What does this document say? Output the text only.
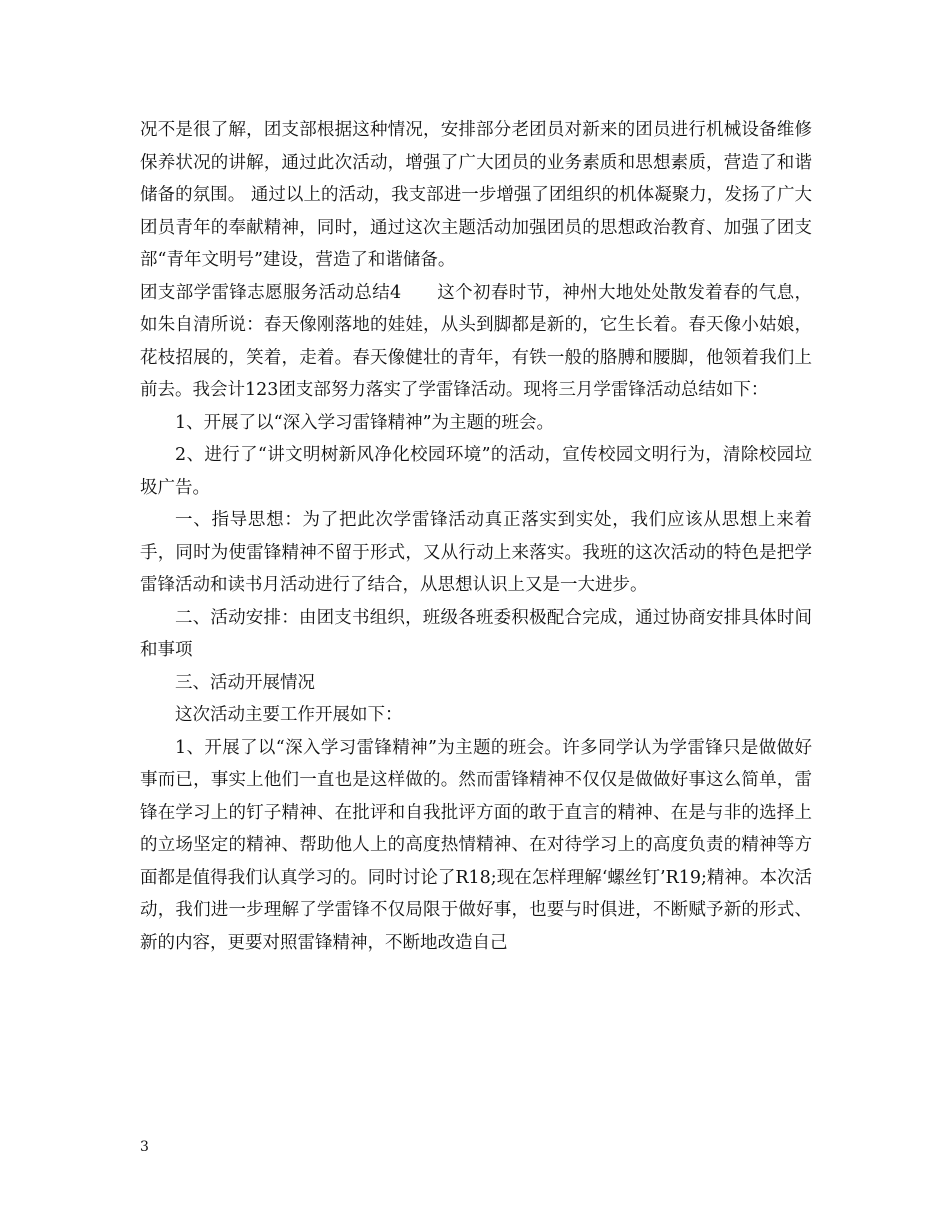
况不是很了解，团支部根据这种情况，安排部分老团员对新来的团员进行机械设备维修保养状况的讲解，通过此次活动，增强了广大团员的业务素质和思想素质，营造了和谐储备的氛围。 通过以上的活动，我支部进一步增强了团组织的机体凝聚力，发扬了广大团员青年的奉献精神，同时，通过这次主题活动加强团员的思想政治教育、加强了团支部“青年文明号”建设，营造了和谐储备。

团支部学雷锋志愿服务活动总结4　　这个初春时节，神州大地处处散发着春的气息，如朱自清所说：春天像刚落地的娃娃，从头到脚都是新的，它生长着。春天像小姑娘，花枝招展的，笑着，走着。春天像健壮的青年，有铁一般的胳膊和腰脚，他领着我们上前去。我会计123团支部努力落实了学雷锋活动。现将三月学雷锋活动总结如下：

1、开展了以“深入学习雷锋精神”为主题的班会。

2、进行了“讲文明树新风净化校园环境”的活动，宣传校园文明行为，清除校园垃圾广告。

一、指导思想：为了把此次学雷锋活动真正落实到实处，我们应该从思想上来着手，同时为使雷锋精神不留于形式，又从行动上来落实。我班的这次活动的特色是把学雷锋活动和读书月活动进行了结合，从思想认识上又是一大进步。

二、活动安排：由团支书组织，班级各班委积极配合完成，通过协商安排具体时间和事项

三、活动开展情况

这次活动主要工作开展如下：

1、开展了以“深入学习雷锋精神”为主题的班会。许多同学认为学雷锋只是做做好事而已，事实上他们一直也是这样做的。然而雷锋精神不仅仅是做做好事这么简单，雷锋在学习上的钉子精神、在批评和自我批评方面的敢于直言的精神、在是与非的选择上的立场坚定的精神、帮助他人上的高度热情精神、在对待学习上的高度负责的精神等方面都是值得我们认真学习的。同时讨论了R18;现在怎样理解‘螺丝钉’R19;精神。本次活动，我们进一步理解了学雷锋不仅局限于做好事，也要与时俱进，不断赋予新的形式、新的内容，更要对照雷锋精神，不断地改造自己

3
